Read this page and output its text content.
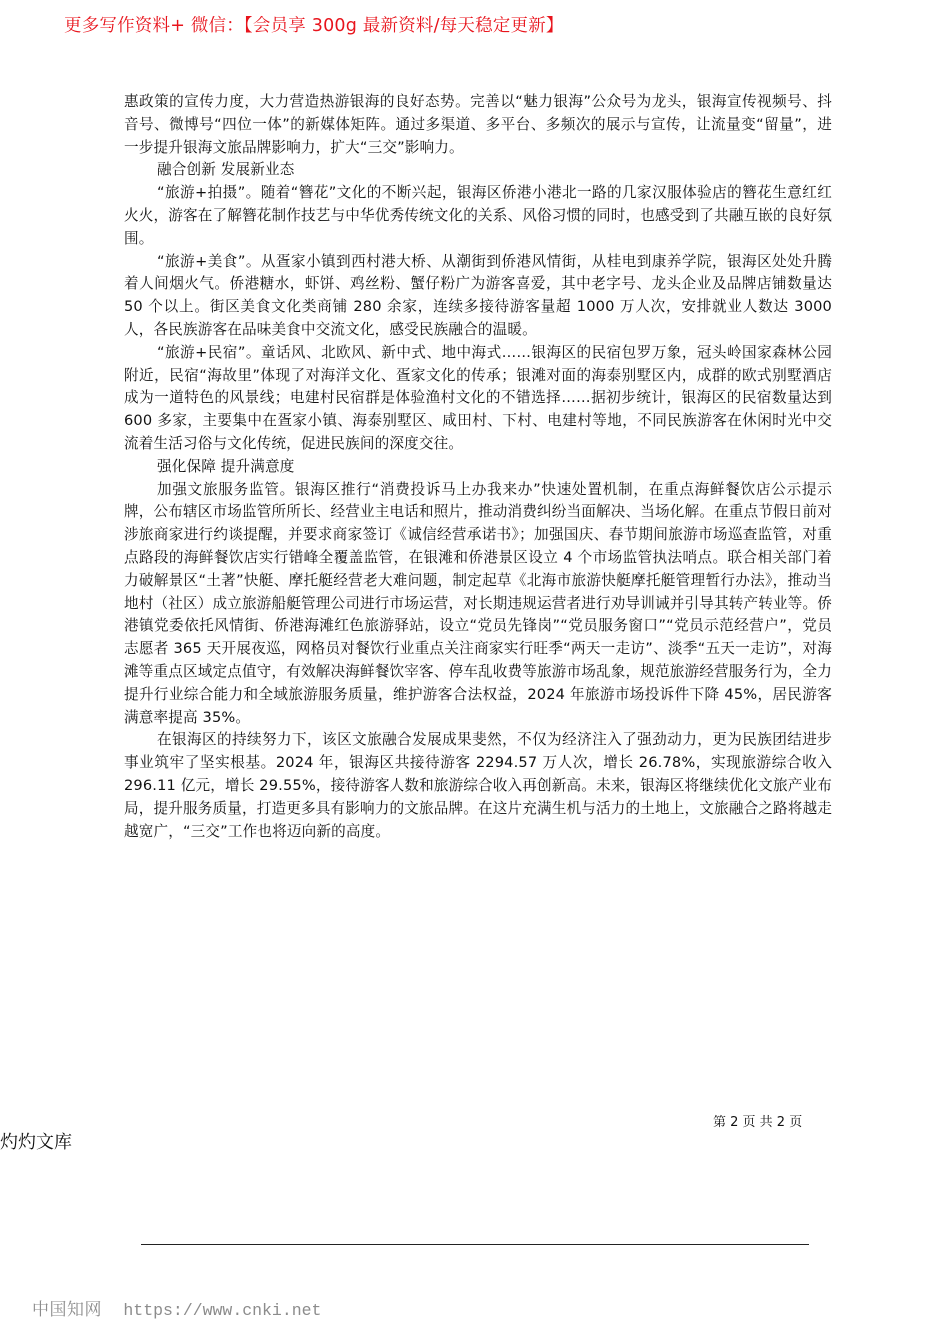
更多写作资料+ 微信：【会员享 300g 最新资料/每天稳定更新】

惠政策的宣传力度，大力营造热游银海的良好态势。完善以“魅力银海”公众号为龙头，银海宣传视频号、抖音号、微博号“四位一体”的新媒体矩阵。通过多渠道、多平台、多频次的展示与宣传，让流量变“留量”，进一步提升银海文旅品牌影响力，扩大“三交”影响力。

融合创新 发展新业态

“旅游+拍摄”。随着“簪花”文化的不断兴起，银海区侨港小港北一路的几家汉服体验店的簪花生意红红火火，游客在了解簪花制作技艺与中华优秀传统文化的关系、风俗习惯的同时，也感受到了共融互嵌的良好氛围。

“旅游+美食”。从疍家小镇到西村港大桥、从潮街到侨港风情街，从桂电到康养学院，银海区处处升腾着人间烟火气。侨港糖水，虾饼、鸡丝粉、蟹仔粉广为游客喜爱，其中老字号、龙头企业及品牌店铺数量达 50 个以上。街区美食文化类商铺 280 余家，连续多接待游客量超 1000 万人次，安排就业人数达 3000 人，各民族游客在品味美食中交流文化，感受民族融合的温暖。

“旅游+民宿”。童话风、北欧风、新中式、地中海式……银海区的民宿包罗万象，冠头岭国家森林公园附近，民宿“海故里”体现了对海洋文化、疍家文化的传承；银滩对面的海泰别墅区内，成群的欧式别墅酒店成为一道特色的风景线；电建村民宿群是体验渔村文化的不错选择……据初步统计，银海区的民宿数量达到 600 多家，主要集中在疍家小镇、海泰别墅区、咸田村、下村、电建村等地，不同民族游客在休闲时光中交流着生活习俗与文化传统，促进民族间的深度交往。

强化保障 提升满意度

加强文旅服务监管。银海区推行“消费投诉马上办我来办”快速处置机制，在重点海鲜餐饮店公示提示牌，公布辖区市场监管所所长、经营业主电话和照片，推动消费纠纷当面解决、当场化解。在重点节假日前对涉旅商家进行约谈提醒，并要求商家签订《诚信经营承诺书》；加强国庆、春节期间旅游市场巡查监管，对重点路段的海鲜餐饮店实行错峰全覆盖监管，在银滩和侨港景区设立 4 个市场监管执法哨点。联合相关部门着力破解景区“土著”快艇、摩托艇经营老大难问题，制定起草《北海市旅游快艇摩托艇管理暂行办法》，推动当地村（社区）成立旅游船艇管理公司进行市场运营，对长期违规运营者进行劝导训诫并引导其转产转业等。侨港镇党委依托风情街、侨港海滩红色旅游驿站，设立“党员先锋岗”“党员服务窗口”“党员示范经营户”，党员志愿者 365 天开展夜巡，网格员对餐饮行业重点关注商家实行旺季“两天一走访”、淡季“五天一走访”，对海滩等重点区域定点值守，有效解决海鲜餐饮宰客、停车乱收费等旅游市场乱象，规范旅游经营服务行为，全力提升行业综合能力和全域旅游服务质量，维护游客合法权益，2024 年旅游市场投诉件下降 45%，居民游客满意率提高 35%。

在银海区的持续努力下，该区文旅融合发展成果斐然，不仅为经济注入了强劲动力，更为民族团结进步事业筑牢了坚实根基。2024 年，银海区共接待游客 2294.57 万人次，增长 26.78%，实现旅游综合收入 296.11 亿元，增长 29.55%，接待游客人数和旅游综合收入再创新高。未来，银海区将继续优化文旅产业布局，提升服务质量，打造更多具有影响力的文旅品牌。在这片充满生机与活力的土地上，文旅融合之路将越走越宽广，“三交”工作也将迈向新的高度。

第 2 页 共 2 页
灼灼文库
中国知网 https://www.cnki.net
